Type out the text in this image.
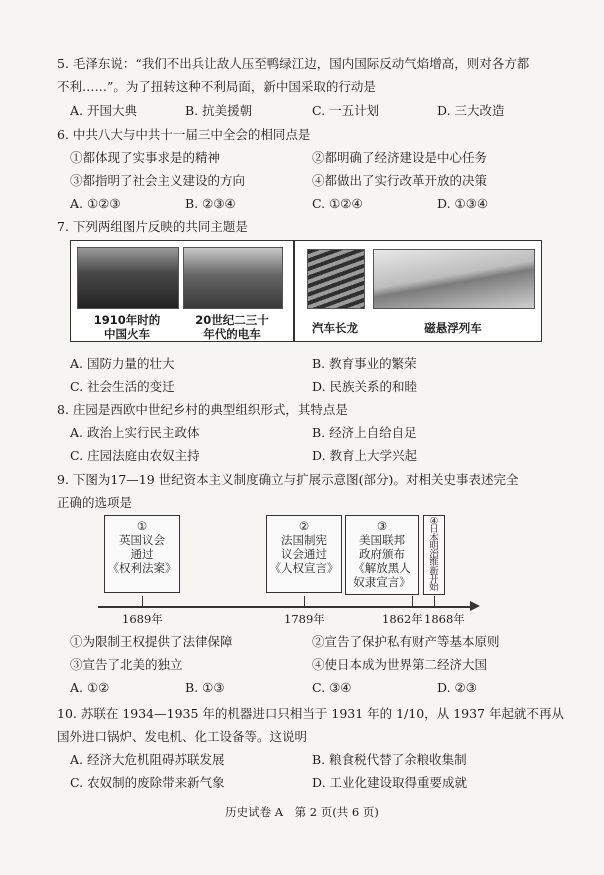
5. 毛泽东说：“我们不出兵让敌人压至鸭绿江边，国内国际反动气焰增高，则对各方都
不利……”。为了扭转这种不利局面，新中国采取的行动是
A. 开国大典	B. 抗美援朝	C. 一五计划	D. 三大改造
6. 中共八大与中共十一届三中全会的相同点是
①都体现了实事求是的精神	②都明确了经济建设是中心任务
③都指明了社会主义建设的方向	④都做出了实行改革开放的决策
A. ①②③	B. ②③④	C. ①②④	D. ①③④
7. 下列两组图片反映的共同主题是
1910年时的
中国火车
20世纪二三十
年代的电车	汽车长龙	磁悬浮列车
A. 国防力量的壮大	B. 教育事业的繁荣
C. 社会生活的变迁	D. 民族关系的和睦
8. 庄园是西欧中世纪乡村的典型组织形式，其特点是
A. 政治上实行民主政体	B. 经济上自给自足
C. 庄园法庭由农奴主持	D. 教育上大学兴起
9. 下图为17—19 世纪资本主义制度确立与扩展示意图(部分)。对相关史事表述完全
正确的选项是
①
英国议会
通过
《权利法案》
②
法国制宪
议会通过
《人权宣言》
③
美国联邦
政府颁布
《解放黑人
奴隶宣言》
④
日
本
明
治
维
新
开
始
1689年	1789年	1862年 1868年
①为限制王权提供了法律保障	②宣告了保护私有财产等基本原则
③宣告了北美的独立	④使日本成为世界第二经济大国
A. ①②	B. ①③	C. ③④	D. ②③
10. 苏联在 1934—1935 年的机器进口只相当于 1931 年的 1/10，从 1937 年起就不再从
国外进口锅炉、发电机、化工设备等。这说明
A. 经济大危机阻碍苏联发展	B. 粮食税代替了余粮收集制
C. 农奴制的废除带来新气象	D. 工业化建设取得重要成就
历史试卷 A　第 2 页(共 6 页)
